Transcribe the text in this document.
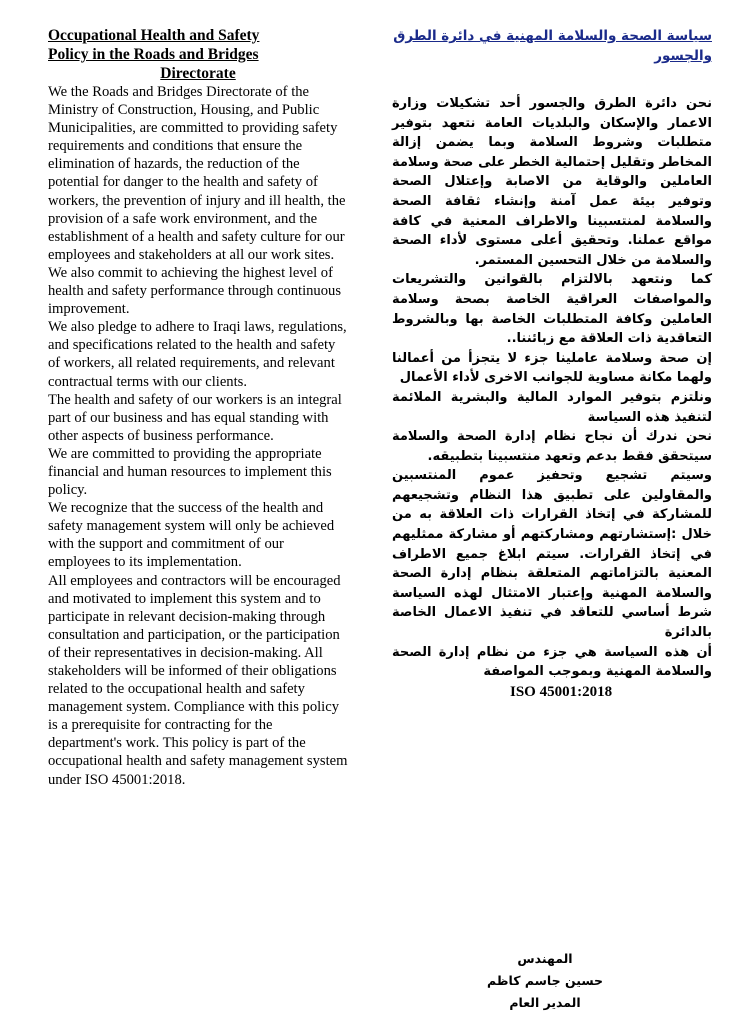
Occupational Health and Safety
Policy in the Roads and Bridges
Directorate

We the Roads and Bridges Directorate of the Ministry of Construction, Housing, and Public Municipalities, are committed to providing safety requirements and conditions that ensure the elimination of hazards, the reduction of the potential for danger to the health and safety of workers, the prevention of injury and ill health, the provision of a safe work environment, and the establishment of a health and safety culture for our employees and stakeholders at all our work sites. We also commit to achieving the highest level of health and safety performance through continuous improvement.

We also pledge to adhere to Iraqi laws, regulations, and specifications related to the health and safety of workers, all related requirements, and relevant contractual terms with our clients.

The health and safety of our workers is an integral part of our business and has equal standing with other aspects of business performance.

We are committed to providing the appropriate financial and human resources to implement this policy.

We recognize that the success of the health and safety management system will only be achieved with the support and commitment of our employees to its implementation.

All employees and contractors will be encouraged and motivated to implement this system and to participate in relevant decision-making through consultation and participation, or the participation of their representatives in decision-making. All stakeholders will be informed of their obligations related to the occupational health and safety management system. Compliance with this policy is a prerequisite for contracting for the department's work. This policy is part of the occupational health and safety management system under ISO 45001:2018.

سياسة الصحة والسلامة المهنية في دائرة الطرق والجسور

نحن دائرة الطرق والجسور أحد تشكيلات وزارة الاعمار والإسكان والبلديات العامة نتعهد بتوفير متطلبات وشروط السلامة وبما يضمن إزالة المخاطر وتقليل إحتمالية الخطر على صحة وسلامة العاملين والوقاية من الاصابة وإعتلال الصحة وتوفير بيئة عمل آمنة وإنشاء ثقافة الصحة والسلامة لمنتسبينا والاطراف المعنية في كافة مواقع عملنا. وتحقيق أعلى مستوى لأداء الصحة والسلامة من خلال التحسين المستمر.

كما ونتعهد بالالتزام بالقوانين والتشريعات والمواصفات العراقية الخاصة بصحة وسلامة العاملين وكافة المتطلبات الخاصة بها وبالشروط التعاقدية ذات العلاقة مع زبائننا..

إن صحة وسلامة عاملينا جزء لا يتجزأ من أعمالنا ولهما مكانة مساوية للجوانب الاخرى لأداء الأعمال

ونلتزم بتوفير الموارد المالية والبشرية الملائمة لتنفيذ هذه السياسة

نحن ندرك أن نجاح نظام إدارة الصحة والسلامة سيتحقق فقط بدعم وتعهد منتسبينا بتطبيقه.

وسيتم تشجيع وتحفيز عموم المنتسبين والمقاولين على تطبيق هذا النظام وتشجيعهم للمشاركة في إتخاذ القرارات ذات العلاقة به من خلال :إستشارتهم ومشاركتهم أو مشاركة ممثليهم في إتخاذ القرارات. سيتم ابلاغ جميع الاطراف المعنية بالتزاماتهم المتعلقة بنظام إدارة الصحة والسلامة المهنية وإعتبار الامتثال لهذه السياسة شرط أساسي للتعاقد في تنفيذ الاعمال الخاصة بالدائرة

أن هذه السياسة هي جزء من نظام إدارة الصحة والسلامة المهنية وبموجب المواصفة

ISO 45001:2018

المهندس
حسين جاسم كاظم
المدير العام
